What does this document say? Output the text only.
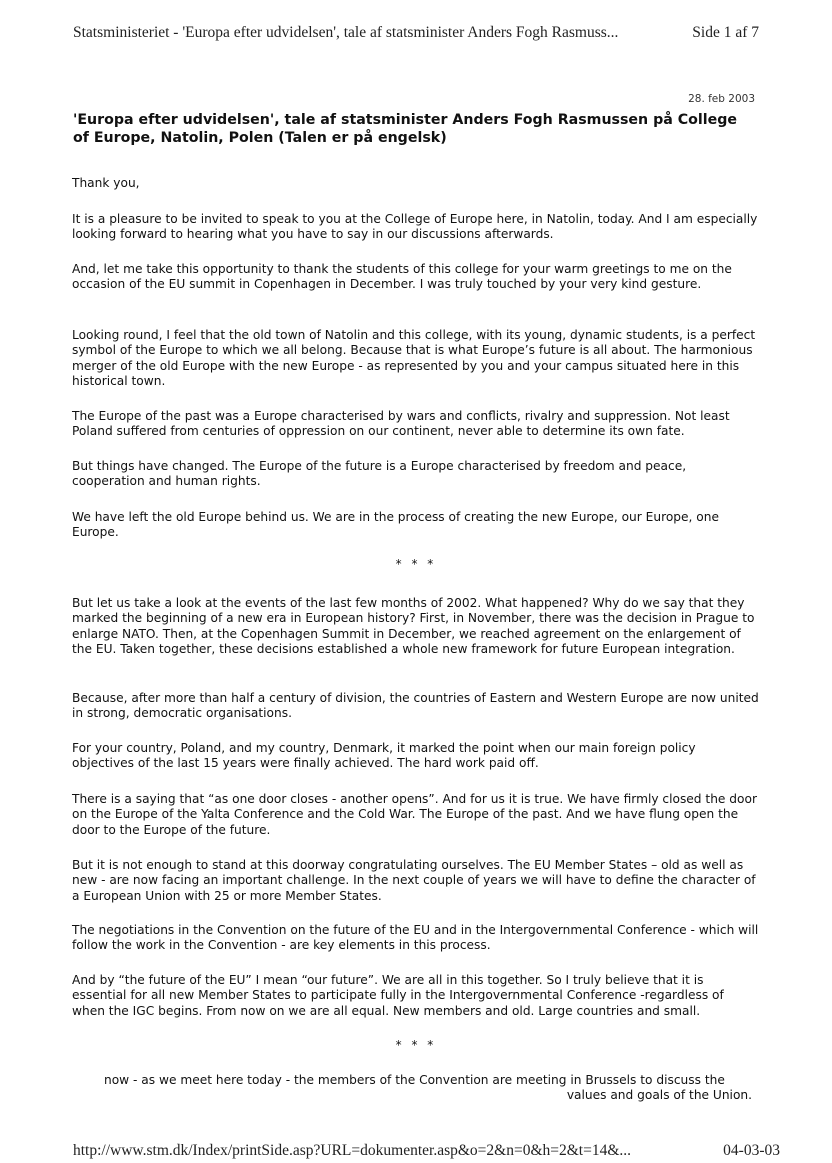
Statsministeriet - 'Europa efter udvidelsen', tale af statsminister Anders Fogh Rasmuss...	Side 1 af 7
28. feb 2003
'Europa efter udvidelsen', tale af statsminister Anders Fogh Rasmussen på College of Europe, Natolin, Polen (Talen er på engelsk)

Thank you,

It is a pleasure to be invited to speak to you at the College of Europe here, in Natolin, today. And I am especially looking forward to hearing what you have to say in our discussions afterwards.

And, let me take this opportunity to thank the students of this college for your warm greetings to me on the occasion of the EU summit in Copenhagen in December. I was truly touched by your very kind gesture.

Looking round, I feel that the old town of Natolin and this college, with its young, dynamic students, is a perfect symbol of the Europe to which we all belong. Because that is what Europe’s future is all about. The harmonious merger of the old Europe with the new Europe - as represented by you and your campus situated here in this historical town.

The Europe of the past was a Europe characterised by wars and conflicts, rivalry and suppression. Not least Poland suffered from centuries of oppression on our continent, never able to determine its own fate.

But things have changed. The Europe of the future is a Europe characterised by freedom and peace, cooperation and human rights.

We have left the old Europe behind us. We are in the process of creating the new Europe, our Europe, one Europe.

* * *

But let us take a look at the events of the last few months of 2002. What happened? Why do we say that they marked the beginning of a new era in European history? First, in November, there was the decision in Prague to enlarge NATO. Then, at the Copenhagen Summit in December, we reached agreement on the enlargement of the EU. Taken together, these decisions established a whole new framework for future European integration.

Because, after more than half a century of division, the countries of Eastern and Western Europe are now united in strong, democratic organisations.

For your country, Poland, and my country, Denmark, it marked the point when our main foreign policy objectives of the last 15 years were finally achieved. The hard work paid off.

There is a saying that “as one door closes - another opens”. And for us it is true. We have firmly closed the door on the Europe of the Yalta Conference and the Cold War. The Europe of the past. And we have flung open the door to the Europe of the future.

But it is not enough to stand at this doorway congratulating ourselves. The EU Member States – old as well as new - are now facing an important challenge. In the next couple of years we will have to define the character of a European Union with 25 or more Member States.

The negotiations in the Convention on the future of the EU and in the Intergovernmental Conference - which will follow the work in the Convention - are key elements in this process.

And by “the future of the EU” I mean “our future”. We are all in this together. So I truly believe that it is essential for all new Member States to participate fully in the Intergovernmental Conference -regardless of when the IGC begins. From now on we are all equal. New members and old. Large countries and small.

* * *
now - as we meet here today - the members of the Convention are meeting in Brussels to discuss the
values and goals of the Union.
http://www.stm.dk/Index/printSide.asp?URL=dokumenter.asp&o=2&n=0&h=2&t=14&...	04-03-03
